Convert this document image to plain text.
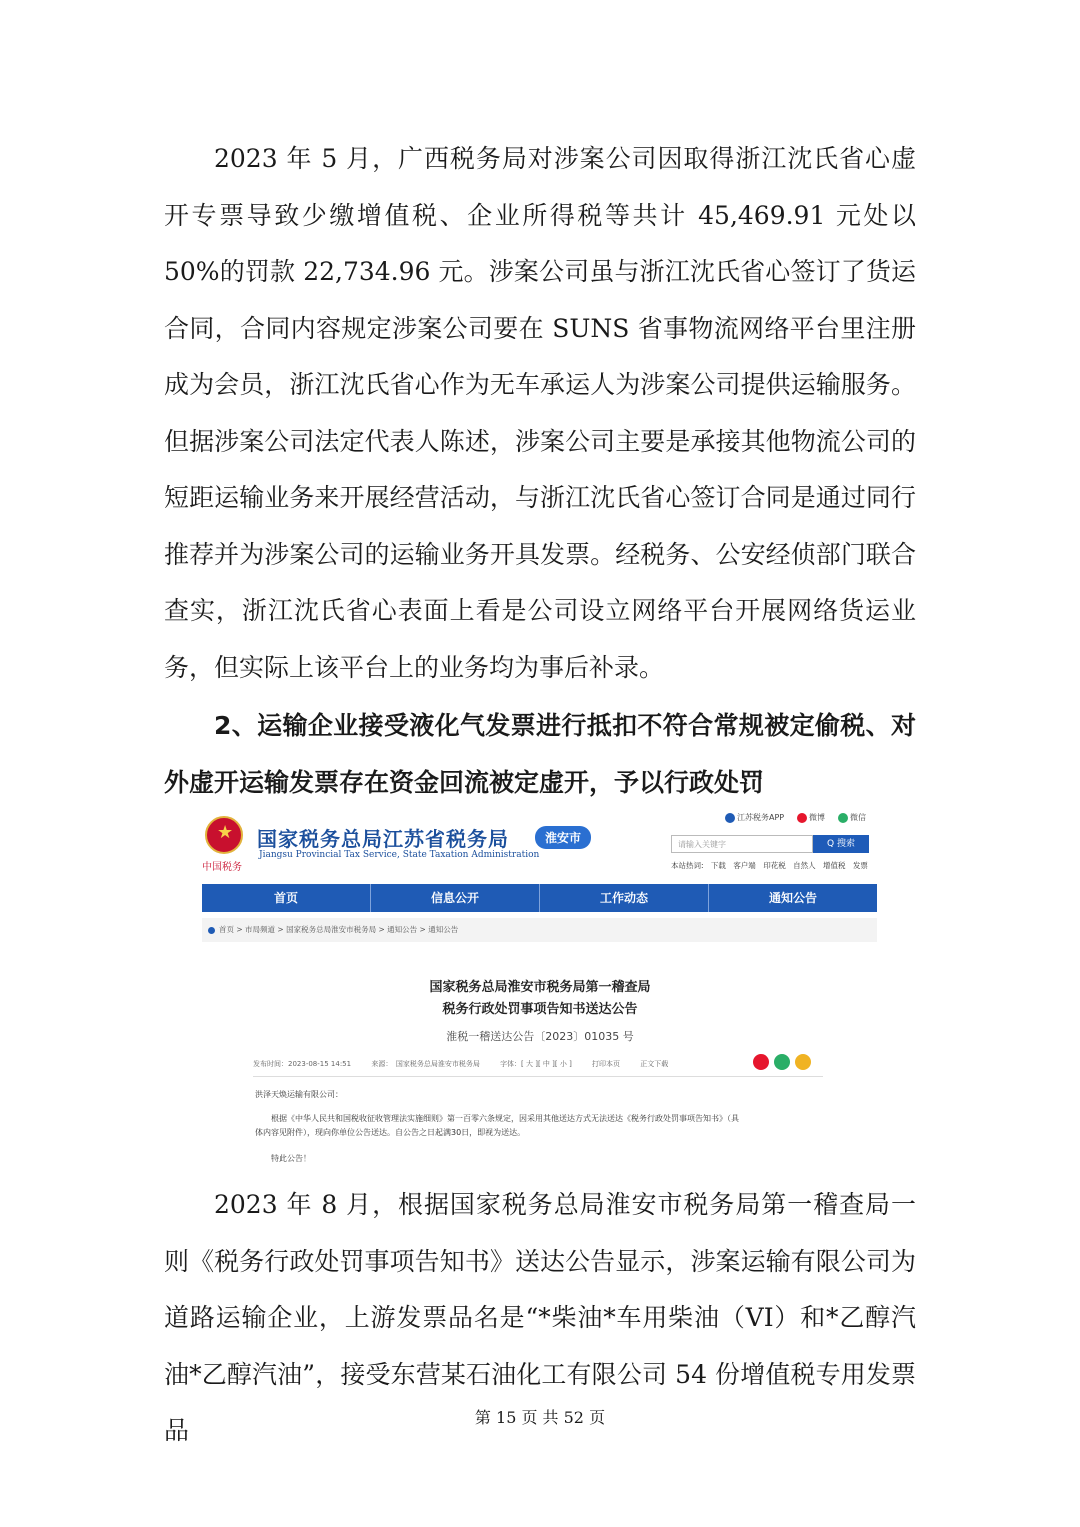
2023 年 5 月，广西税务局对涉案公司因取得浙江沈氏省心虚开专票导致少缴增值税、企业所得税等共计 45,469.91 元处以 50%的罚款 22,734.96 元。涉案公司虽与浙江沈氏省心签订了货运合同，合同内容规定涉案公司要在 SUNS 省事物流网络平台里注册成为会员，浙江沈氏省心作为无车承运人为涉案公司提供运输服务。但据涉案公司法定代表人陈述，涉案公司主要是承接其他物流公司的短距运输业务来开展经营活动，与浙江沈氏省心签订合同是通过同行推荐并为涉案公司的运输业务开具发票。经税务、公安经侦部门联合查实，浙江沈氏省心表面上看是公司设立网络平台开展网络货运业务，但实际上该平台上的业务均为事后补录。

2、运输企业接受液化气发票进行抵扣不符合常规被定偷税、对外虚开运输发票存在资金回流被定虚开，予以行政处罚

★
中国税务
国家税务总局江苏省税务局
Jiangsu Provincial Tax Service, State Taxation Administration
淮安市
江苏税务APP	微博	微信
请输入关键字	Q 搜索
本站热词: 下载 客户端 印花税 自然人 增值税 发票
首页	信息公开	工作动态	通知公告
首页 > 市局频道 > 国家税务总局淮安市税务局 > 通知公告 > 通知公告
国家税务总局淮安市税务局第一稽查局
税务行政处罚事项告知书送达公告
淮税一稽送达公告〔2023〕01035 号
发布时间：2023-08-15 14:51	来源：　国家税务总局淮安市税务局	字体：[ 大 ][ 中 ][ 小 ]	打印本页	正文下载
洪泽天焕运输有限公司：
根据《中华人民共和国税收征收管理法实施细则》第一百零六条规定，因采用其他送达方式无法送达《税务行政处罚事项告知书》（具
体内容见附件），现向你单位公告送达。自公告之日起满30日，即视为送达。
特此公告！

2023 年 8 月，根据国家税务总局淮安市税务局第一稽查局一则《税务行政处罚事项告知书》送达公告显示，涉案运输有限公司为道路运输企业，上游发票品名是“*柴油*车用柴油（VI）和*乙醇汽油*乙醇汽油”，接受东营某石油化工有限公司 54 份增值税专用发票品	第 15 页 共 52 页
